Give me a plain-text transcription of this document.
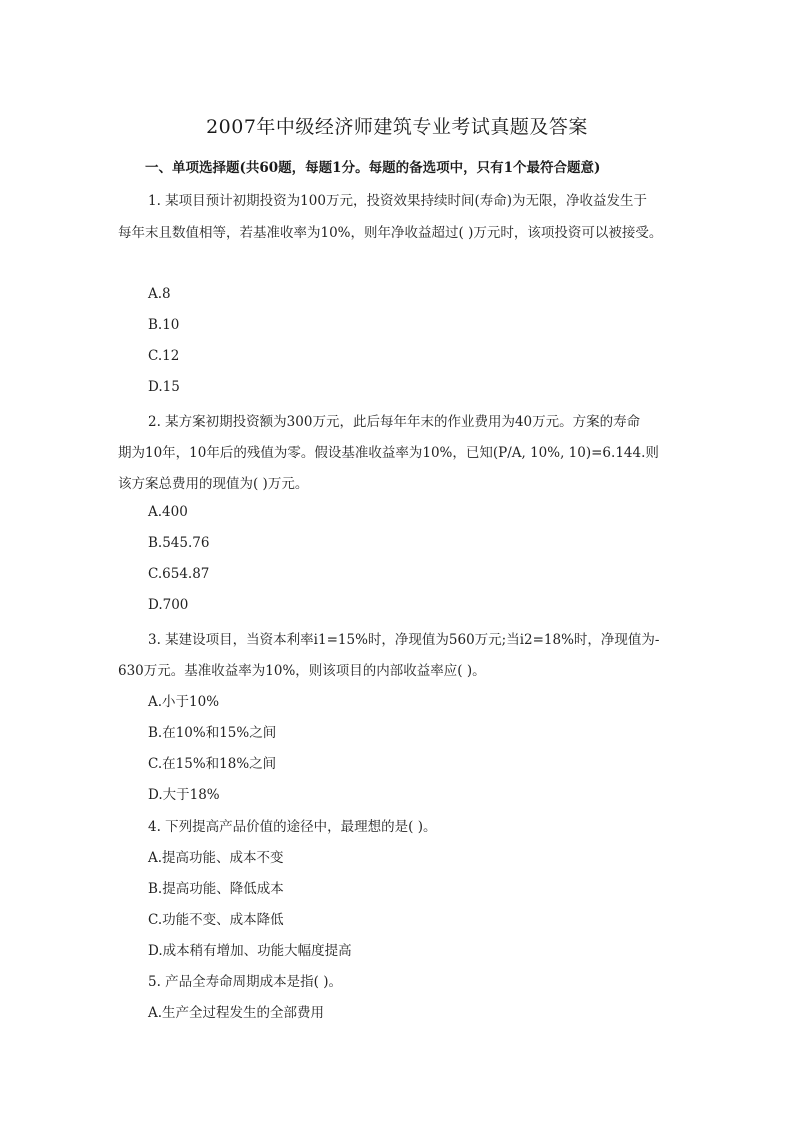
2007年中级经济师建筑专业考试真题及答案
一、单项选择题(共60题，每题1分。每题的备选项中，只有1个最符合题意)
1. 某项目预计初期投资为100万元，投资效果持续时间(寿命)为无限，净收益发生于
每年末且数值相等，若基准收率为10%，则年净收益超过( )万元时，该项投资可以被接受。
A.8
B.10
C.12
D.15
2. 某方案初期投资额为300万元，此后每年年末的作业费用为40万元。方案的寿命
期为10年，10年后的残值为零。假设基准收益率为10%，已知(P/A, 10%, 10)=6.144.则
该方案总费用的现值为( )万元。
A.400
B.545.76
C.654.87
D.700
3. 某建设项目，当资本利率i1=15%时，净现值为560万元;当i2=18%时，净现值为-
630万元。基准收益率为10%，则该项目的内部收益率应( )。
A.小于10%
B.在10%和15%之间
C.在15%和18%之间
D.大于18%
4. 下列提高产品价值的途径中，最理想的是( )。
A.提高功能、成本不变
B.提高功能、降低成本
C.功能不变、成本降低
D.成本稍有增加、功能大幅度提高
5. 产品全寿命周期成本是指( )。
A.生产全过程发生的全部费用
